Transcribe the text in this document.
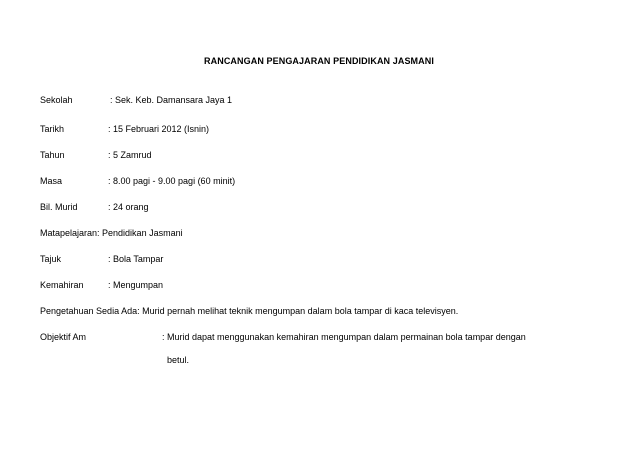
RANCANGAN PENGAJARAN PENDIDIKAN JASMANI
Sekolah	: Sek. Keb. Damansara Jaya 1
Tarikh	: 15 Februari 2012 (Isnin)
Tahun	: 5 Zamrud
Masa	: 8.00 pagi - 9.00 pagi (60 minit)
Bil. Murid	: 24 orang
Matapelajaran: Pendidikan Jasmani
Tajuk	: Bola Tampar
Kemahiran	: Mengumpan
Pengetahuan Sedia Ada: Murid pernah melihat teknik mengumpan dalam bola tampar di kaca televisyen.
Objektif Am	: Murid dapat menggunakan kemahiran mengumpan dalam permainan bola tampar dengan
betul.
